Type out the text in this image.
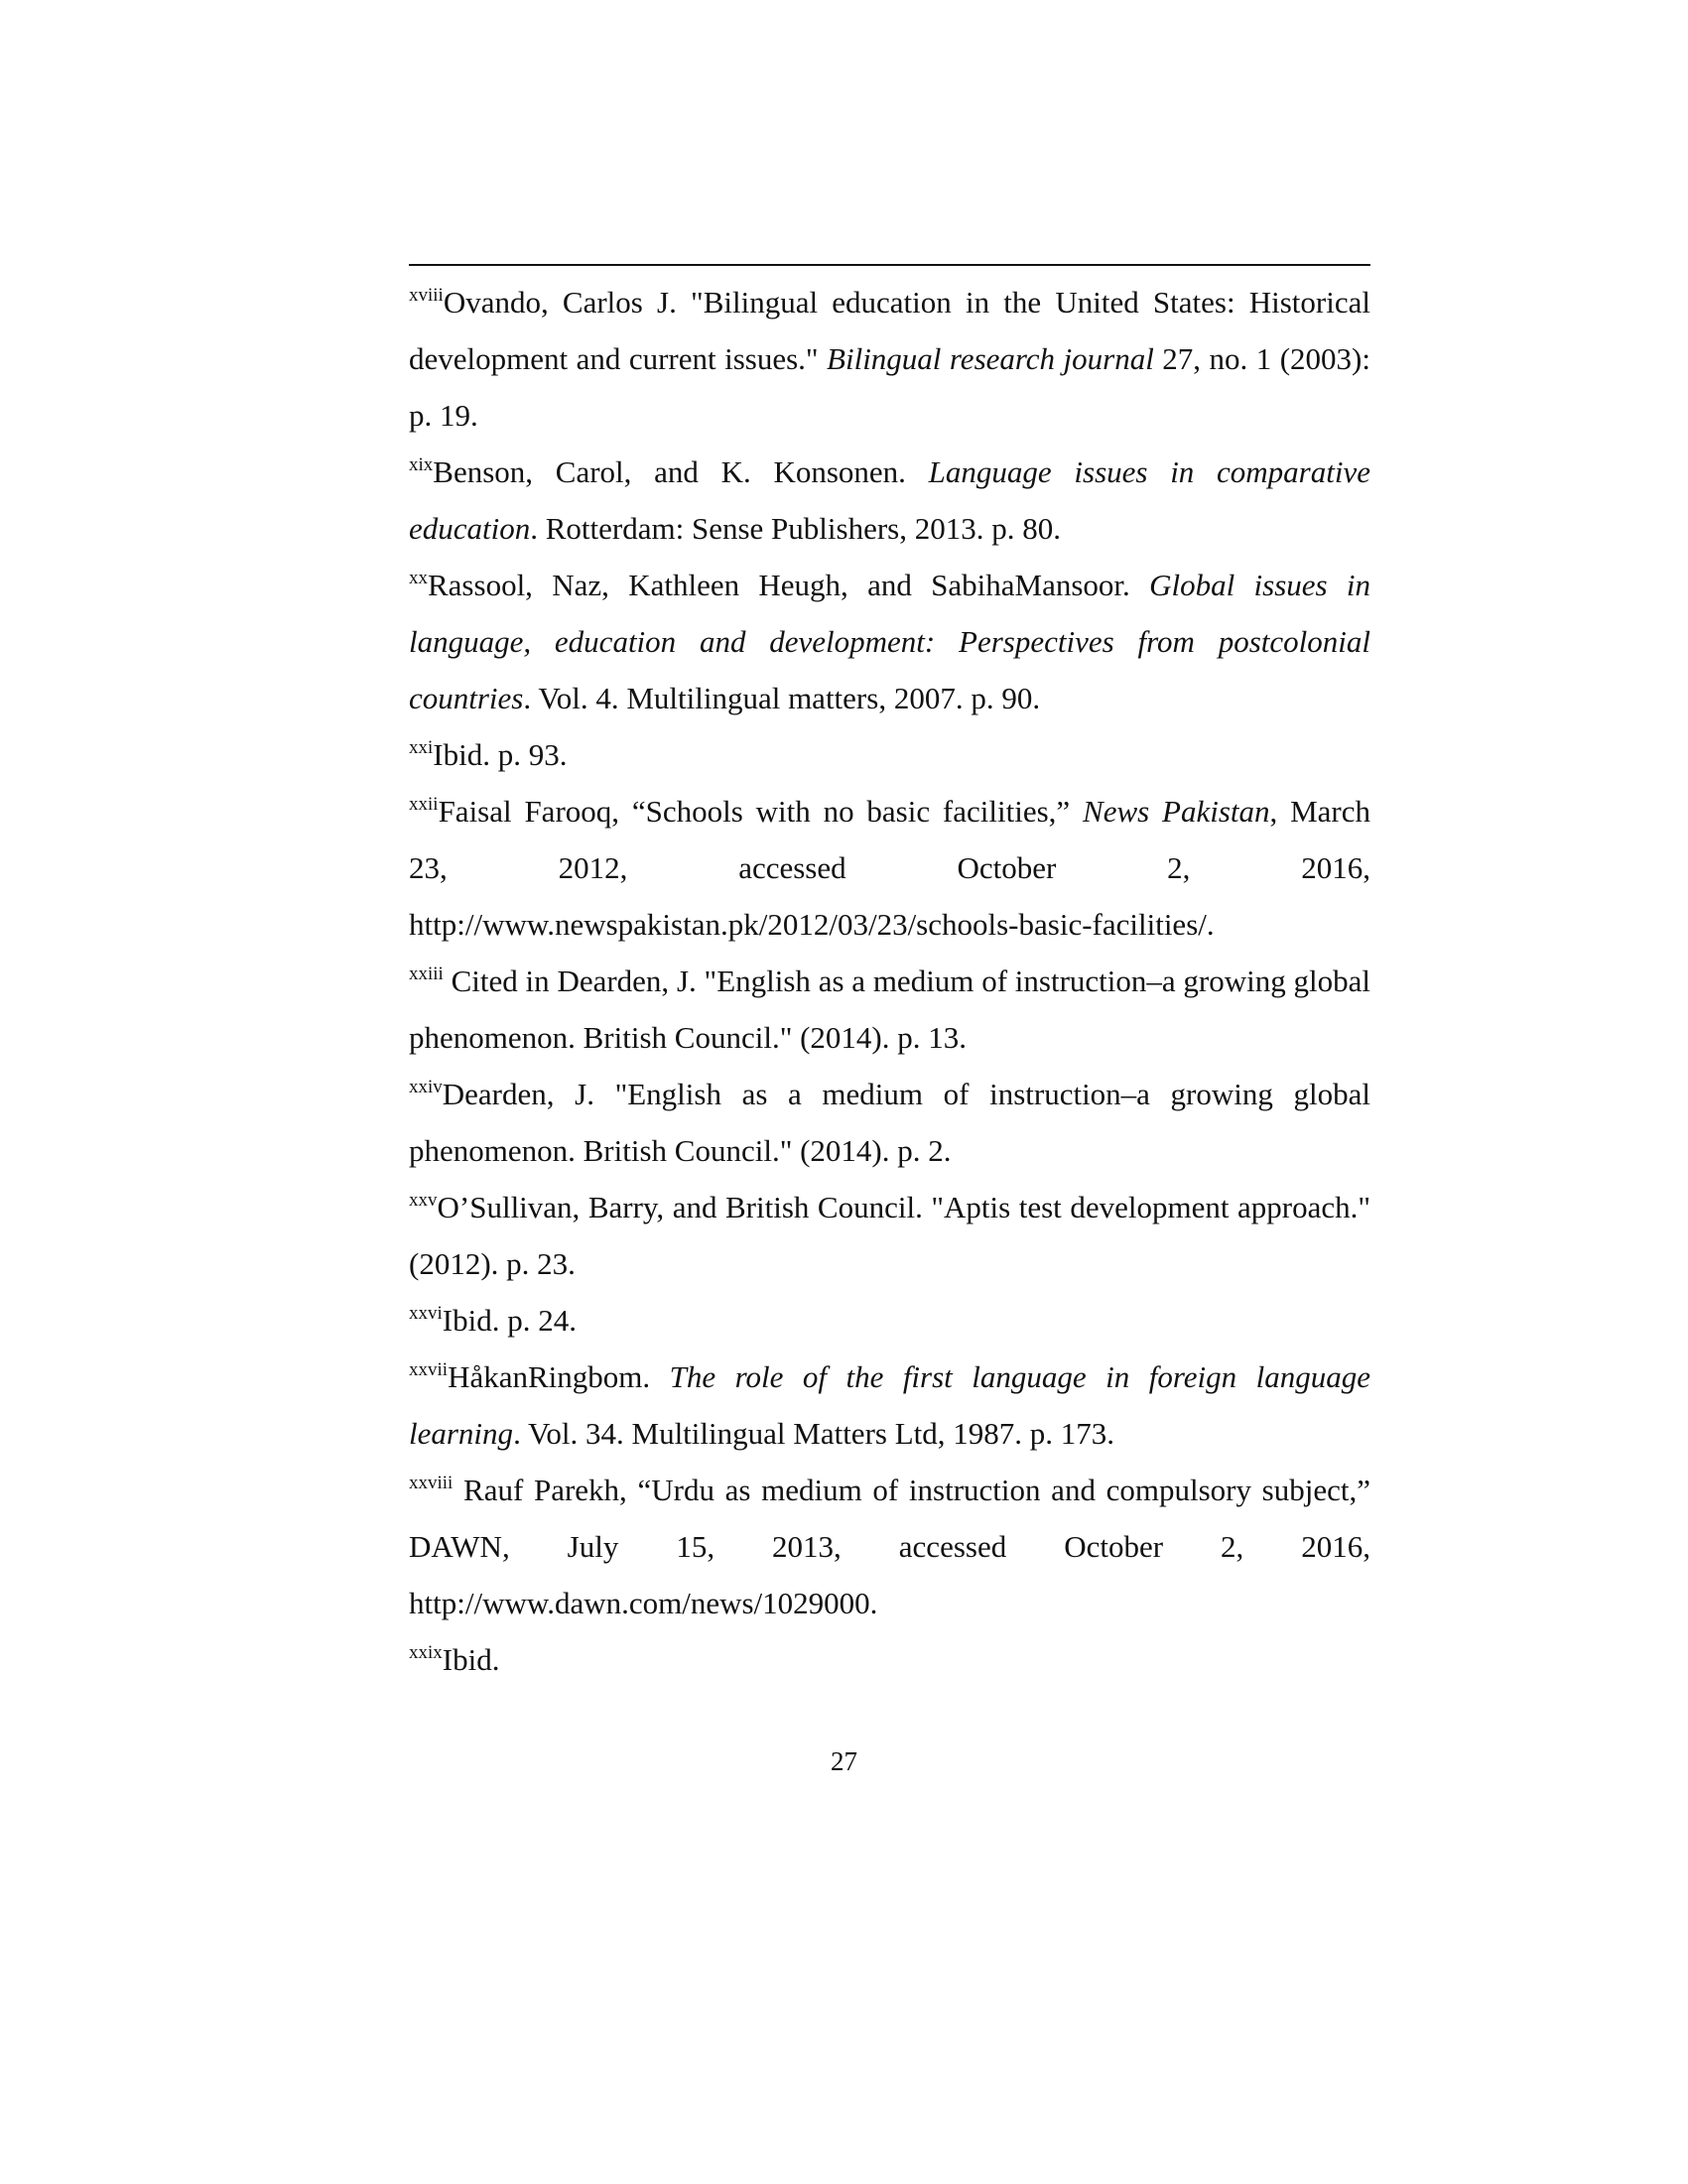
$^{xviii}$Ovando, Carlos J. "Bilingual education in the United States: Historical development and current issues." Bilingual research journal 27, no. 1 (2003): p. 19.

$^{xix}$Benson, Carol, and K. Konsonen. Language issues in comparative education. Rotterdam: Sense Publishers, 2013. p. 80.

$^{xx}$Rassool, Naz, Kathleen Heugh, and SabihaMansoor. Global issues in language, education and development: Perspectives from postcolonial countries. Vol. 4. Multilingual matters, 2007. p. 90.

$^{xxi}$Ibid. p. 93.

$^{xxii}$Faisal Farooq, “Schools with no basic facilities,” News Pakistan, March 23, 2012, accessed October 2, 2016, http://www.newspakistan.pk/2012/03/23/schools-basic-facilities/.

$^{xxiii}$ Cited in Dearden, J. "English as a medium of instruction–a growing global phenomenon. British Council." (2014). p. 13.

$^{xxiv}$Dearden, J. "English as a medium of instruction–a growing global phenomenon. British Council." (2014). p. 2.

$^{xxv}$O’Sullivan, Barry, and British Council. "Aptis test development approach." (2012). p. 23.

$^{xxvi}$Ibid. p. 24.

$^{xxvii}$HåkanRingbom. The role of the first language in foreign language learning. Vol. 34. Multilingual Matters Ltd, 1987. p. 173.

$^{xxviii}$ Rauf Parekh, “Urdu as medium of instruction and compulsory subject,” DAWN, July 15, 2013, accessed October 2, 2016, http://www.dawn.com/news/1029000.

$^{xxix}$Ibid.

27
